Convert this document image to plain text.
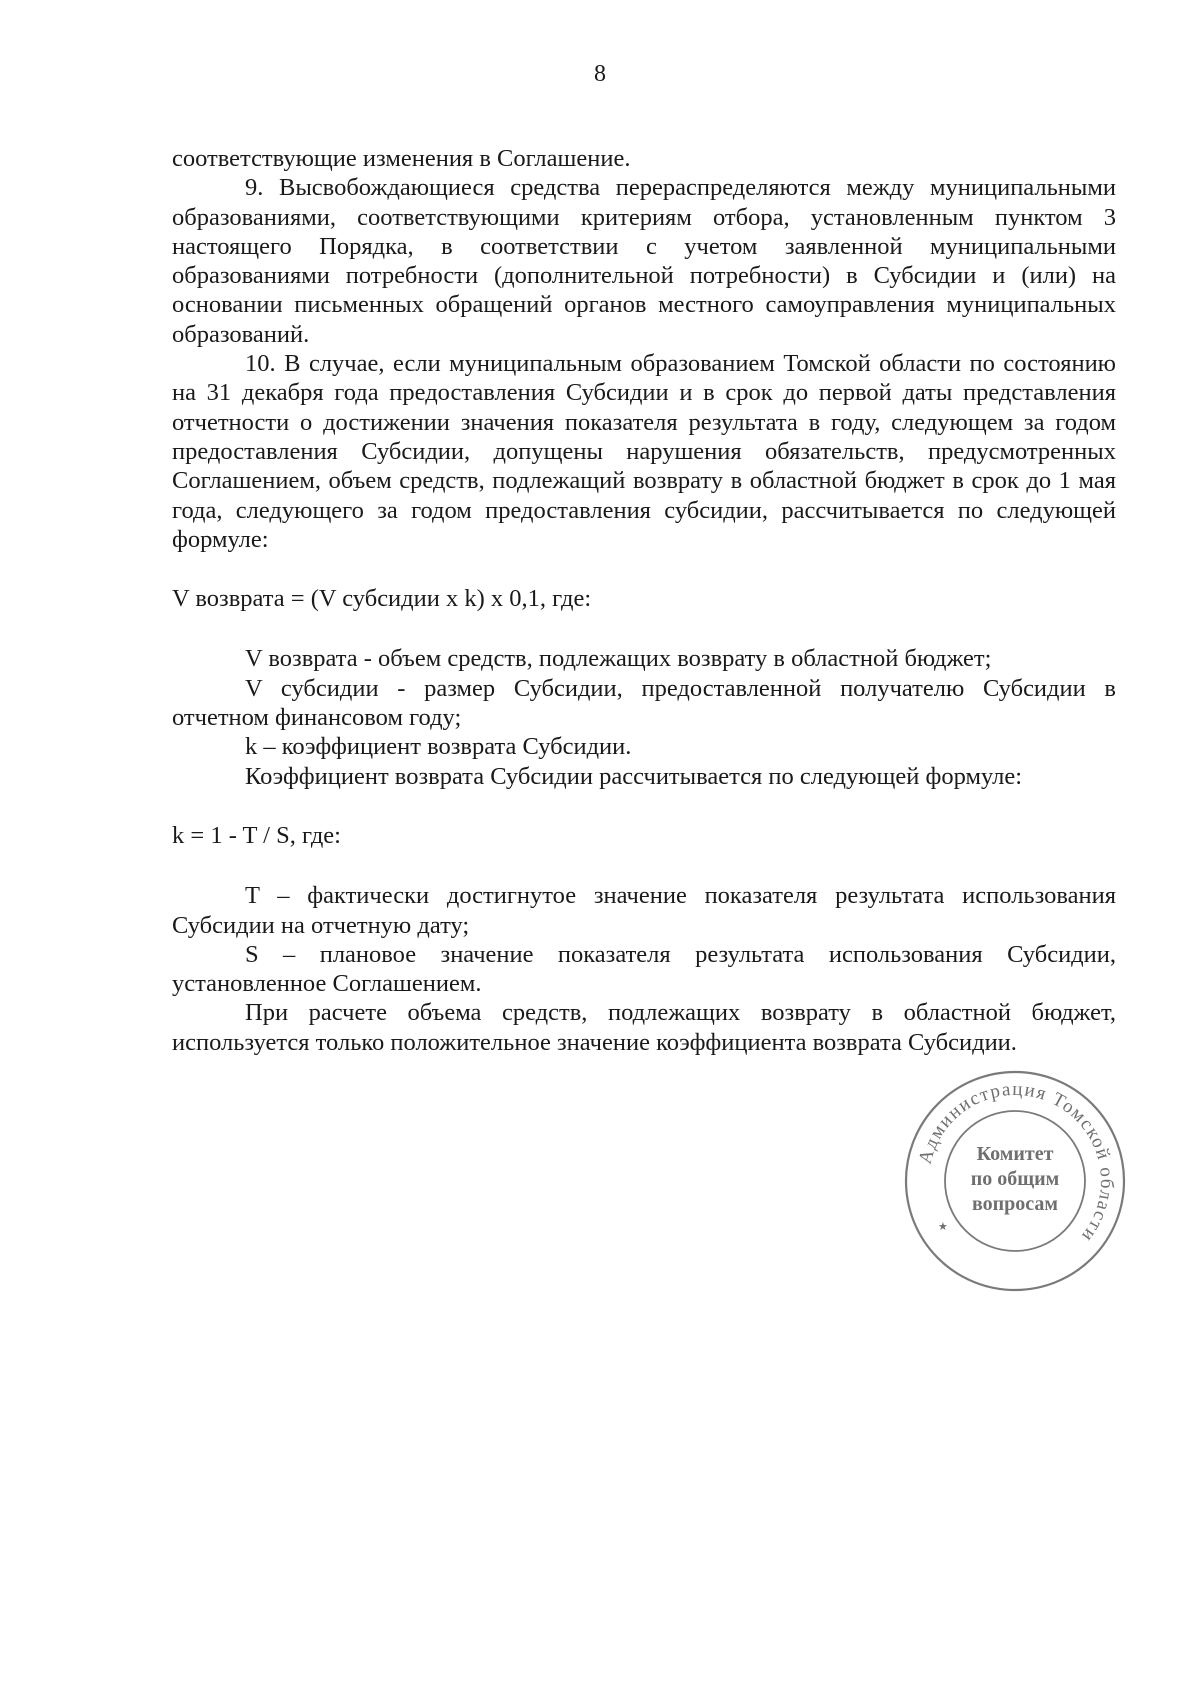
8

соответствующие изменения в Соглашение.

9. Высвобождающиеся средства перераспределяются между муниципальными образованиями, соответствующими критериям отбора, установленным пунктом 3 настоящего Порядка, в соответствии с учетом заявленной муниципальными образованиями потребности (дополнительной потребности) в Субсидии и (или) на основании письменных обращений органов местного самоуправления муниципальных образований.

10. В случае, если муниципальным образованием Томской области по состоянию на 31 декабря года предоставления Субсидии и в срок до первой даты представления отчетности о достижении значения показателя результата в году, следующем за годом предоставления Субсидии, допущены нарушения обязательств, предусмотренных Соглашением, объем средств, подлежащий возврату в областной бюджет в срок до 1 мая года, следующего за годом предоставления субсидии, рассчитывается по следующей формуле:

V возврата = (V субсидии x k) x 0,1, где:

V возврата - объем средств, подлежащих возврату в областной бюджет;

V субсидии - размер Субсидии, предоставленной получателю Субсидии в отчетном финансовом году;

k – коэффициент возврата Субсидии.

Коэффициент возврата Субсидии рассчитывается по следующей формуле:

k = 1 - T / S, где:

T – фактически достигнутое значение показателя результата использования Субсидии на отчетную дату;

S – плановое значение показателя результата использования Субсидии, установленное Соглашением.

При расчете объема средств, подлежащих возврату в областной бюджет, используется только положительное значение коэффициента возврата Субсидии.

Администрация Томской области
★
Комитет
по общим
вопросам
